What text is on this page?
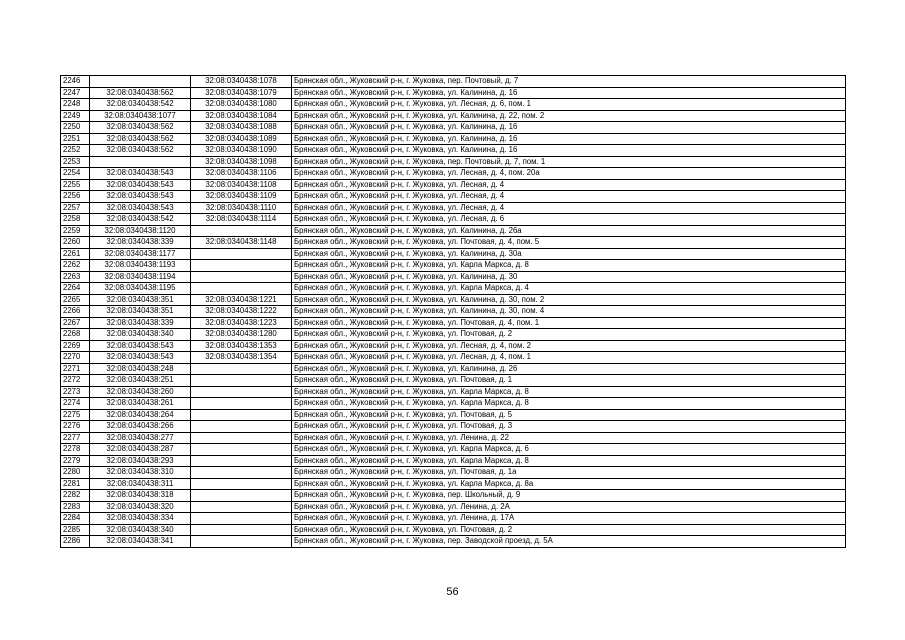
2246		32:08:0340438:1078	Брянская обл., Жуковский р-н, г. Жуковка, пер. Почтовый, д. 7
2247	32:08:0340438:562	32:08:0340438:1079	Брянская обл., Жуковский р-н, г. Жуковка, ул. Калинина, д. 16
2248	32:08:0340438:542	32:08:0340438:1080	Брянская обл., Жуковский р-н, г. Жуковка, ул. Лесная, д. 6, пом. 1
2249	32:08:0340438:1077	32:08:0340438:1084	Брянская обл., Жуковский р-н, г. Жуковка, ул. Калинина, д. 22, пом. 2
2250	32:08:0340438:562	32:08:0340438:1088	Брянская обл., Жуковский р-н, г. Жуковка, ул. Калинина, д. 16
2251	32:08:0340438:562	32:08:0340438:1089	Брянская обл., Жуковский р-н, г. Жуковка, ул. Калинина, д. 16
2252	32:08:0340438:562	32:08:0340438:1090	Брянская обл., Жуковский р-н, г. Жуковка, ул. Калинина, д. 16
2253		32:08:0340438:1098	Брянская обл., Жуковский р-н, г. Жуковка, пер. Почтовый, д. 7, пом. 1
2254	32:08:0340438:543	32:08:0340438:1106	Брянская обл., Жуковский р-н, г. Жуковка, ул. Лесная, д. 4, пом. 20а
2255	32:08:0340438:543	32:08:0340438:1108	Брянская обл., Жуковский р-н, г. Жуковка, ул. Лесная, д. 4
2256	32:08:0340438:543	32:08:0340438:1109	Брянская обл., Жуковский р-н, г. Жуковка, ул. Лесная, д. 4
2257	32:08:0340438:543	32:08:0340438:1110	Брянская обл., Жуковский р-н, г. Жуковка, ул. Лесная, д. 4
2258	32:08:0340438:542	32:08:0340438:1114	Брянская обл., Жуковский р-н, г. Жуковка, ул. Лесная, д. 6
2259	32:08:0340438:1120		Брянская обл., Жуковский р-н, г. Жуковка, ул. Калинина, д. 26а
2260	32:08:0340438:339	32:08:0340438:1148	Брянская обл., Жуковский р-н, г. Жуковка, ул. Почтовая, д. 4, пом. 5
2261	32:08:0340438:1177		Брянская обл., Жуковский р-н, г. Жуковка, ул. Калинина, д. 30а
2262	32:08:0340438:1193		Брянская обл., Жуковский р-н, г. Жуковка, ул. Карла Маркса, д. 8
2263	32:08:0340438:1194		Брянская обл., Жуковский р-н, г. Жуковка, ул. Калинина, д. 30
2264	32:08:0340438:1195		Брянская обл., Жуковский р-н, г. Жуковка, ул. Карла Маркса, д. 4
2265	32:08:0340438:351	32:08:0340438:1221	Брянская обл., Жуковский р-н, г. Жуковка, ул. Калинина, д. 30, пом. 2
2266	32:08:0340438:351	32:08:0340438:1222	Брянская обл., Жуковский р-н, г. Жуковка, ул. Калинина, д. 30, пом. 4
2267	32:08:0340438:339	32:08:0340438:1223	Брянская обл., Жуковский р-н, г. Жуковка, ул. Почтовая, д. 4, пом. 1
2268	32:08:0340438:340	32:08:0340438:1280	Брянская обл., Жуковский р-н, г. Жуковка, ул. Почтовая, д. 2
2269	32:08:0340438:543	32:08:0340438:1353	Брянская обл., Жуковский р-н, г. Жуковка, ул. Лесная, д. 4, пом. 2
2270	32:08:0340438:543	32:08:0340438:1354	Брянская обл., Жуковский р-н, г. Жуковка, ул. Лесная, д. 4, пом. 1
2271	32:08:0340438:248		Брянская обл., Жуковский р-н, г. Жуковка, ул. Калинина, д. 26
2272	32:08:0340438:251		Брянская обл., Жуковский р-н, г. Жуковка, ул. Почтовая, д. 1
2273	32:08:0340438:260		Брянская обл., Жуковский р-н, г. Жуковка, ул. Карла Маркса, д. 8
2274	32:08:0340438:261		Брянская обл., Жуковский р-н, г. Жуковка, ул. Карла Маркса, д. 8
2275	32:08:0340438:264		Брянская обл., Жуковский р-н, г. Жуковка, ул. Почтовая, д. 5
2276	32:08:0340438:266		Брянская обл., Жуковский р-н, г. Жуковка, ул. Почтовая, д. 3
2277	32:08:0340438:277		Брянская обл., Жуковский р-н, г. Жуковка, ул. Ленина, д. 22
2278	32:08:0340438:287		Брянская обл., Жуковский р-н, г. Жуковка, ул. Карла Маркса, д. 6
2279	32:08:0340438:293		Брянская обл., Жуковский р-н, г. Жуковка, ул. Карла Маркса, д. 8
2280	32:08:0340438:310		Брянская обл., Жуковский р-н, г. Жуковка, ул. Почтовая, д. 1а
2281	32:08:0340438:311		Брянская обл., Жуковский р-н, г. Жуковка, ул. Карла Маркса, д. 8а
2282	32:08:0340438:318		Брянская обл., Жуковский р-н, г. Жуковка, пер. Школьный, д. 9
2283	32:08:0340438:320		Брянская обл., Жуковский р-н, г. Жуковка, ул. Ленина, д. 2А
2284	32:08:0340438:334		Брянская обл., Жуковский р-н, г. Жуковка, ул. Ленина, д. 17А
2285	32:08:0340438:340		Брянская обл., Жуковский р-н, г. Жуковка, ул. Почтовая, д. 2
2286	32:08:0340438:341		Брянская обл., Жуковский р-н, г. Жуковка, пер. Заводской проезд, д. 5А
56
